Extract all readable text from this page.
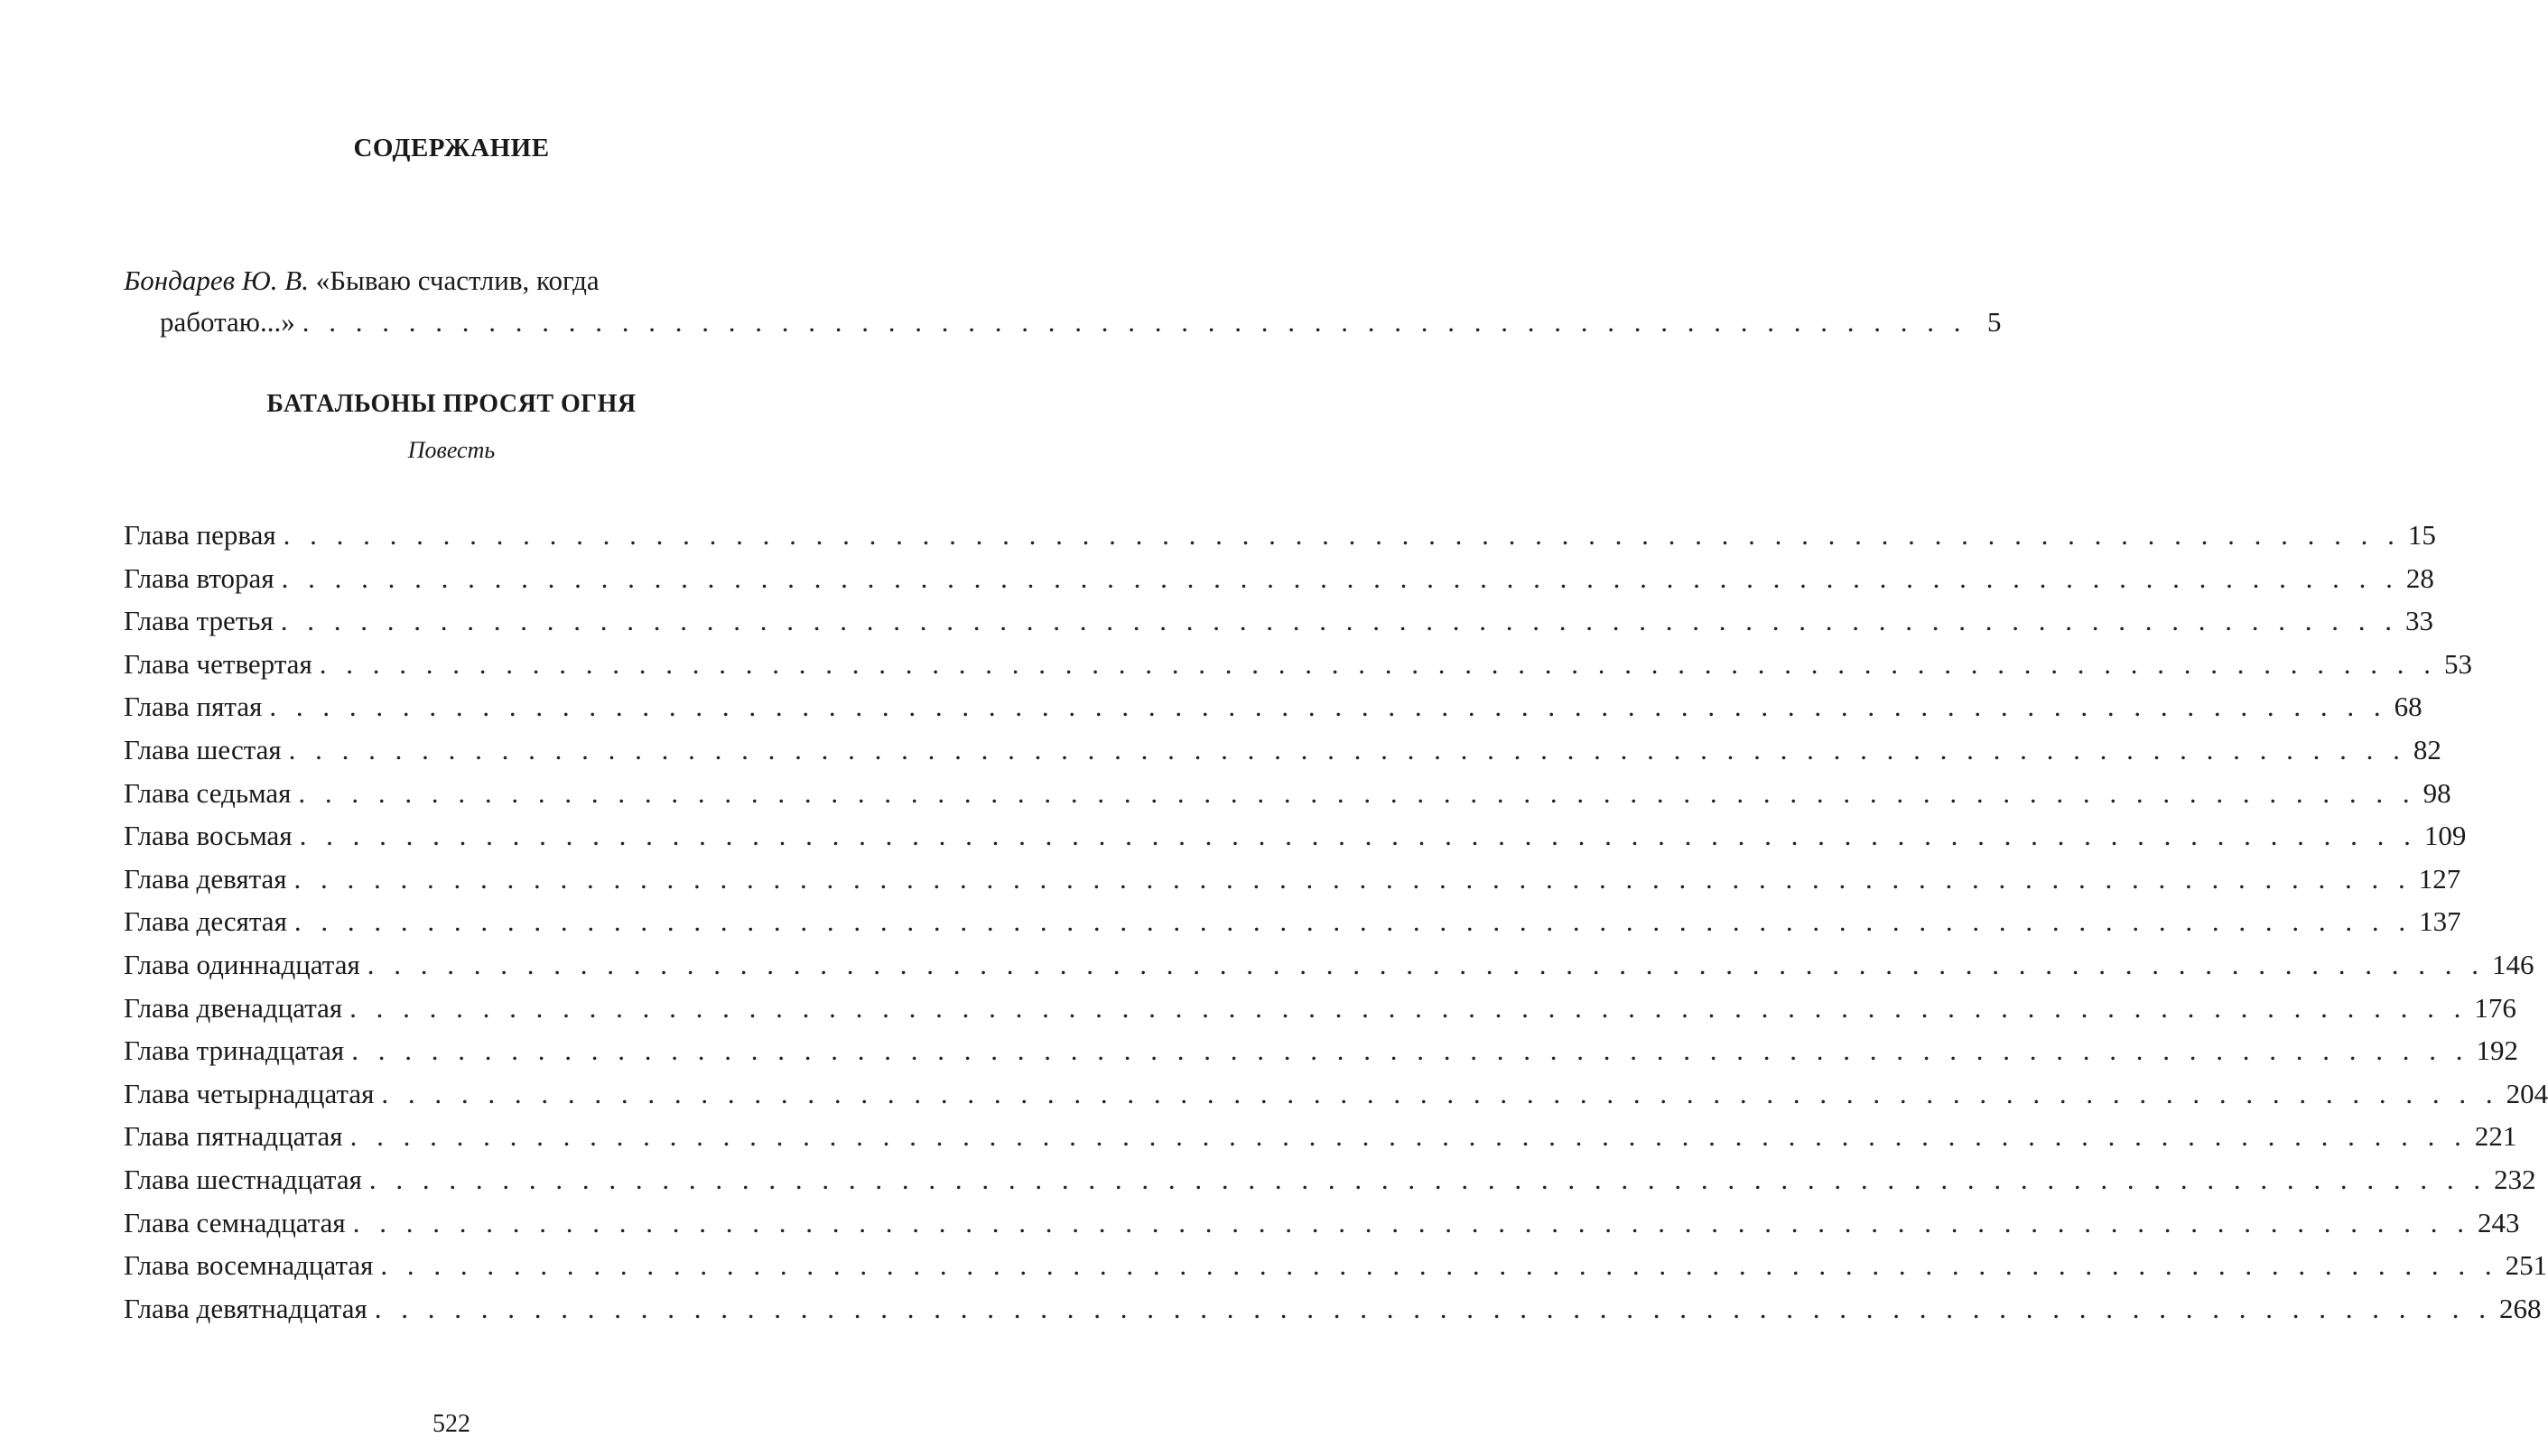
СОДЕРЖАНИЕ
Бондарев Ю. В. «Бываю счастлив, когда
работаю...» . . . . . . . . . . . . . . . . . . . . . . . . . . . . . . . . . . . . . . . . . . . . . . . . . . . . . . . . . . . . . . . 5
БАТАЛЬОНЫ ПРОСЯТ ОГНЯ
Повесть
Глава первая . . . . . . . . . . . . . . . . . . . . . . . . . . . . . . . . . . . . . . . . . . . . . . . . . . . . . . . . . . . . . . . . . . . . . . . . . . . . . . . . 15
Глава вторая . . . . . . . . . . . . . . . . . . . . . . . . . . . . . . . . . . . . . . . . . . . . . . . . . . . . . . . . . . . . . . . . . . . . . . . . . . . . . . . . 28
Глава третья . . . . . . . . . . . . . . . . . . . . . . . . . . . . . . . . . . . . . . . . . . . . . . . . . . . . . . . . . . . . . . . . . . . . . . . . . . . . . . . . 33
Глава четвертая . . . . . . . . . . . . . . . . . . . . . . . . . . . . . . . . . . . . . . . . . . . . . . . . . . . . . . . . . . . . . . . . . . . . . . . . . . . . . . . . 53
Глава пятая . . . . . . . . . . . . . . . . . . . . . . . . . . . . . . . . . . . . . . . . . . . . . . . . . . . . . . . . . . . . . . . . . . . . . . . . . . . . . . . . 68
Глава шестая . . . . . . . . . . . . . . . . . . . . . . . . . . . . . . . . . . . . . . . . . . . . . . . . . . . . . . . . . . . . . . . . . . . . . . . . . . . . . . . . 82
Глава седьмая . . . . . . . . . . . . . . . . . . . . . . . . . . . . . . . . . . . . . . . . . . . . . . . . . . . . . . . . . . . . . . . . . . . . . . . . . . . . . . . . 98
Глава восьмая . . . . . . . . . . . . . . . . . . . . . . . . . . . . . . . . . . . . . . . . . . . . . . . . . . . . . . . . . . . . . . . . . . . . . . . . . . . . . . . . 109
Глава девятая . . . . . . . . . . . . . . . . . . . . . . . . . . . . . . . . . . . . . . . . . . . . . . . . . . . . . . . . . . . . . . . . . . . . . . . . . . . . . . . . 127
Глава десятая . . . . . . . . . . . . . . . . . . . . . . . . . . . . . . . . . . . . . . . . . . . . . . . . . . . . . . . . . . . . . . . . . . . . . . . . . . . . . . . . 137
Глава одиннадцатая . . . . . . . . . . . . . . . . . . . . . . . . . . . . . . . . . . . . . . . . . . . . . . . . . . . . . . . . . . . . . . . . . . . . . . . . . . . . . . . . 146
Глава двенадцатая . . . . . . . . . . . . . . . . . . . . . . . . . . . . . . . . . . . . . . . . . . . . . . . . . . . . . . . . . . . . . . . . . . . . . . . . . . . . . . . . 176
Глава тринадцатая . . . . . . . . . . . . . . . . . . . . . . . . . . . . . . . . . . . . . . . . . . . . . . . . . . . . . . . . . . . . . . . . . . . . . . . . . . . . . . . . 192
Глава четырнадцатая . . . . . . . . . . . . . . . . . . . . . . . . . . . . . . . . . . . . . . . . . . . . . . . . . . . . . . . . . . . . . . . . . . . . . . . . . . . . . . . . 204
Глава пятнадцатая . . . . . . . . . . . . . . . . . . . . . . . . . . . . . . . . . . . . . . . . . . . . . . . . . . . . . . . . . . . . . . . . . . . . . . . . . . . . . . . . 221
Глава шестнадцатая . . . . . . . . . . . . . . . . . . . . . . . . . . . . . . . . . . . . . . . . . . . . . . . . . . . . . . . . . . . . . . . . . . . . . . . . . . . . . . . . 232
Глава семнадцатая . . . . . . . . . . . . . . . . . . . . . . . . . . . . . . . . . . . . . . . . . . . . . . . . . . . . . . . . . . . . . . . . . . . . . . . . . . . . . . . . 243
Глава восемнадцатая . . . . . . . . . . . . . . . . . . . . . . . . . . . . . . . . . . . . . . . . . . . . . . . . . . . . . . . . . . . . . . . . . . . . . . . . . . . . . . . . 251
Глава девятнадцатая . . . . . . . . . . . . . . . . . . . . . . . . . . . . . . . . . . . . . . . . . . . . . . . . . . . . . . . . . . . . . . . . . . . . . . . . . . . . . . . . 268
522
